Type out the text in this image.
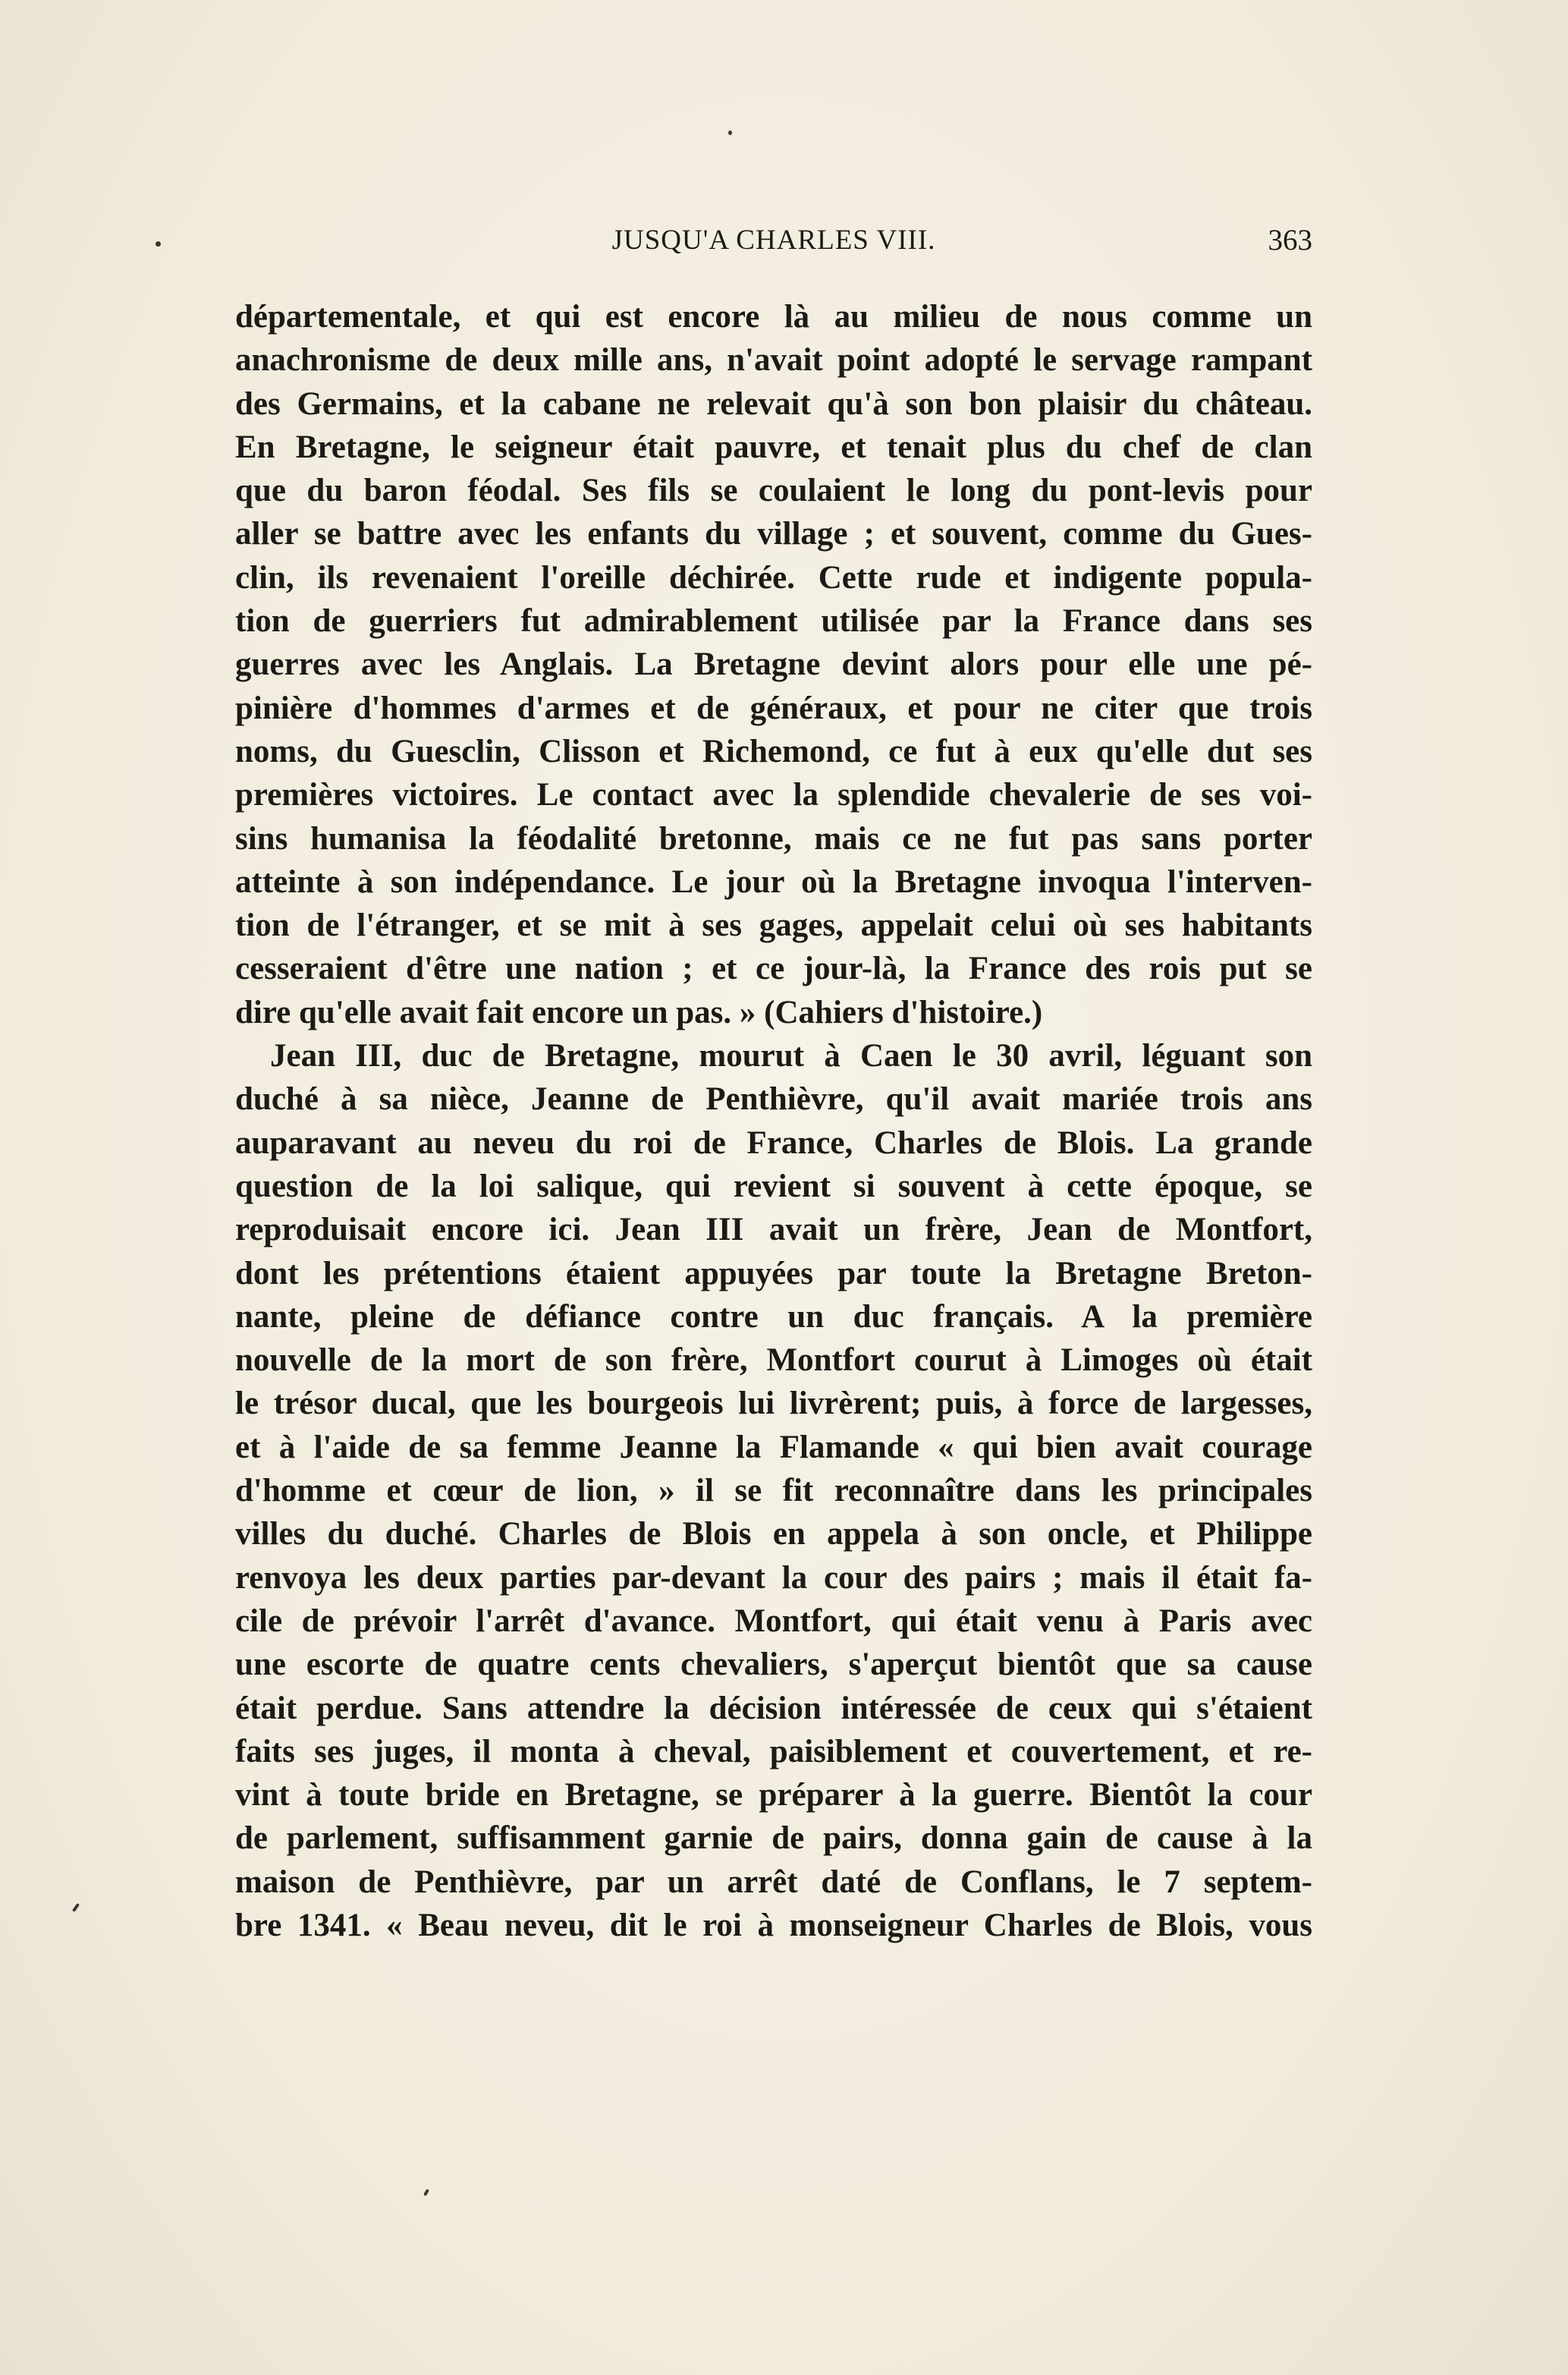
JUSQU'A CHARLES VIII.	363
départementale, et qui est encore là au milieu de nous comme un
anachronisme de deux mille ans, n'avait point adopté le servage rampant
des Germains, et la cabane ne relevait qu'à son bon plaisir du château.
En Bretagne, le seigneur était pauvre, et tenait plus du chef de clan
que du baron féodal. Ses fils se coulaient le long du pont-levis pour
aller se battre avec les enfants du village ; et souvent, comme du Gues-
clin, ils revenaient l'oreille déchirée. Cette rude et indigente popula-
tion de guerriers fut admirablement utilisée par la France dans ses
guerres avec les Anglais. La Bretagne devint alors pour elle une pé-
pinière d'hommes d'armes et de généraux, et pour ne citer que trois
noms, du Guesclin, Clisson et Richemond, ce fut à eux qu'elle dut ses
premières victoires. Le contact avec la splendide chevalerie de ses voi-
sins humanisa la féodalité bretonne, mais ce ne fut pas sans porter
atteinte à son indépendance. Le jour où la Bretagne invoqua l'interven-
tion de l'étranger, et se mit à ses gages, appelait celui où ses habitants
cesseraient d'être une nation ; et ce jour-là, la France des rois put se
dire qu'elle avait fait encore un pas. » (Cahiers d'histoire.)
Jean III, duc de Bretagne, mourut à Caen le 30 avril, léguant son
duché à sa nièce, Jeanne de Penthièvre, qu'il avait mariée trois ans
auparavant au neveu du roi de France, Charles de Blois. La grande
question de la loi salique, qui revient si souvent à cette époque, se
reproduisait encore ici. Jean III avait un frère, Jean de Montfort,
dont les prétentions étaient appuyées par toute la Bretagne Breton-
nante, pleine de défiance contre un duc français. A la première
nouvelle de la mort de son frère, Montfort courut à Limoges où était
le trésor ducal, que les bourgeois lui livrèrent; puis, à force de largesses,
et à l'aide de sa femme Jeanne la Flamande « qui bien avait courage
d'homme et cœur de lion, » il se fit reconnaître dans les principales
villes du duché. Charles de Blois en appela à son oncle, et Philippe
renvoya les deux parties par-devant la cour des pairs ; mais il était fa-
cile de prévoir l'arrêt d'avance. Montfort, qui était venu à Paris avec
une escorte de quatre cents chevaliers, s'aperçut bientôt que sa cause
était perdue. Sans attendre la décision intéressée de ceux qui s'étaient
faits ses juges, il monta à cheval, paisiblement et couvertement, et re-
vint à toute bride en Bretagne, se préparer à la guerre. Bientôt la cour
de parlement, suffisamment garnie de pairs, donna gain de cause à la
maison de Penthièvre, par un arrêt daté de Conflans, le 7 septem-
bre 1341. « Beau neveu, dit le roi à monseigneur Charles de Blois, vous
